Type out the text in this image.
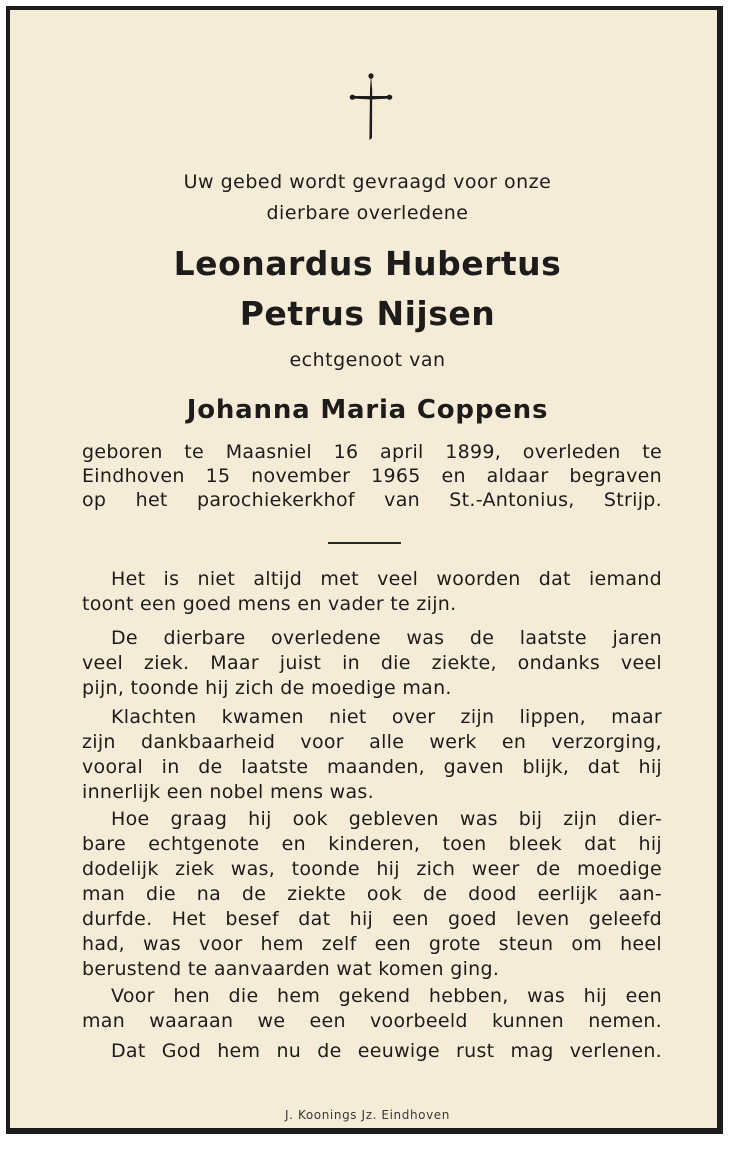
Uw gebed wordt gevraagd voor onze
dierbare overledene
Leonardus Hubertus
Petrus Nijsen
echtgenoot van
Johanna Maria Coppens
geboren te Maasniel 16 april 1899, overleden te
Eindhoven 15 november 1965 en aldaar begraven
op het parochiekerkhof van St.-Antonius, Strijp.
Het is niet altijd met veel woorden dat iemand
toont een goed mens en vader te zijn.
De dierbare overledene was de laatste jaren
veel ziek. Maar juist in die ziekte, ondanks veel
pijn, toonde hij zich de moedige man.
Klachten kwamen niet over zijn lippen, maar
zijn dankbaarheid voor alle werk en verzorging,
vooral in de laatste maanden, gaven blijk, dat hij
innerlijk een nobel mens was.
Hoe graag hij ook gebleven was bij zijn dier-
bare echtgenote en kinderen, toen bleek dat hij
dodelijk ziek was, toonde hij zich weer de moedige
man die na de ziekte ook de dood eerlijk aan-
durfde. Het besef dat hij een goed leven geleefd
had, was voor hem zelf een grote steun om heel
berustend te aanvaarden wat komen ging.
Voor hen die hem gekend hebben, was hij een
man waaraan we een voorbeeld kunnen nemen.
Dat God hem nu de eeuwige rust mag verlenen.
J. Koonings Jz. Eindhoven
